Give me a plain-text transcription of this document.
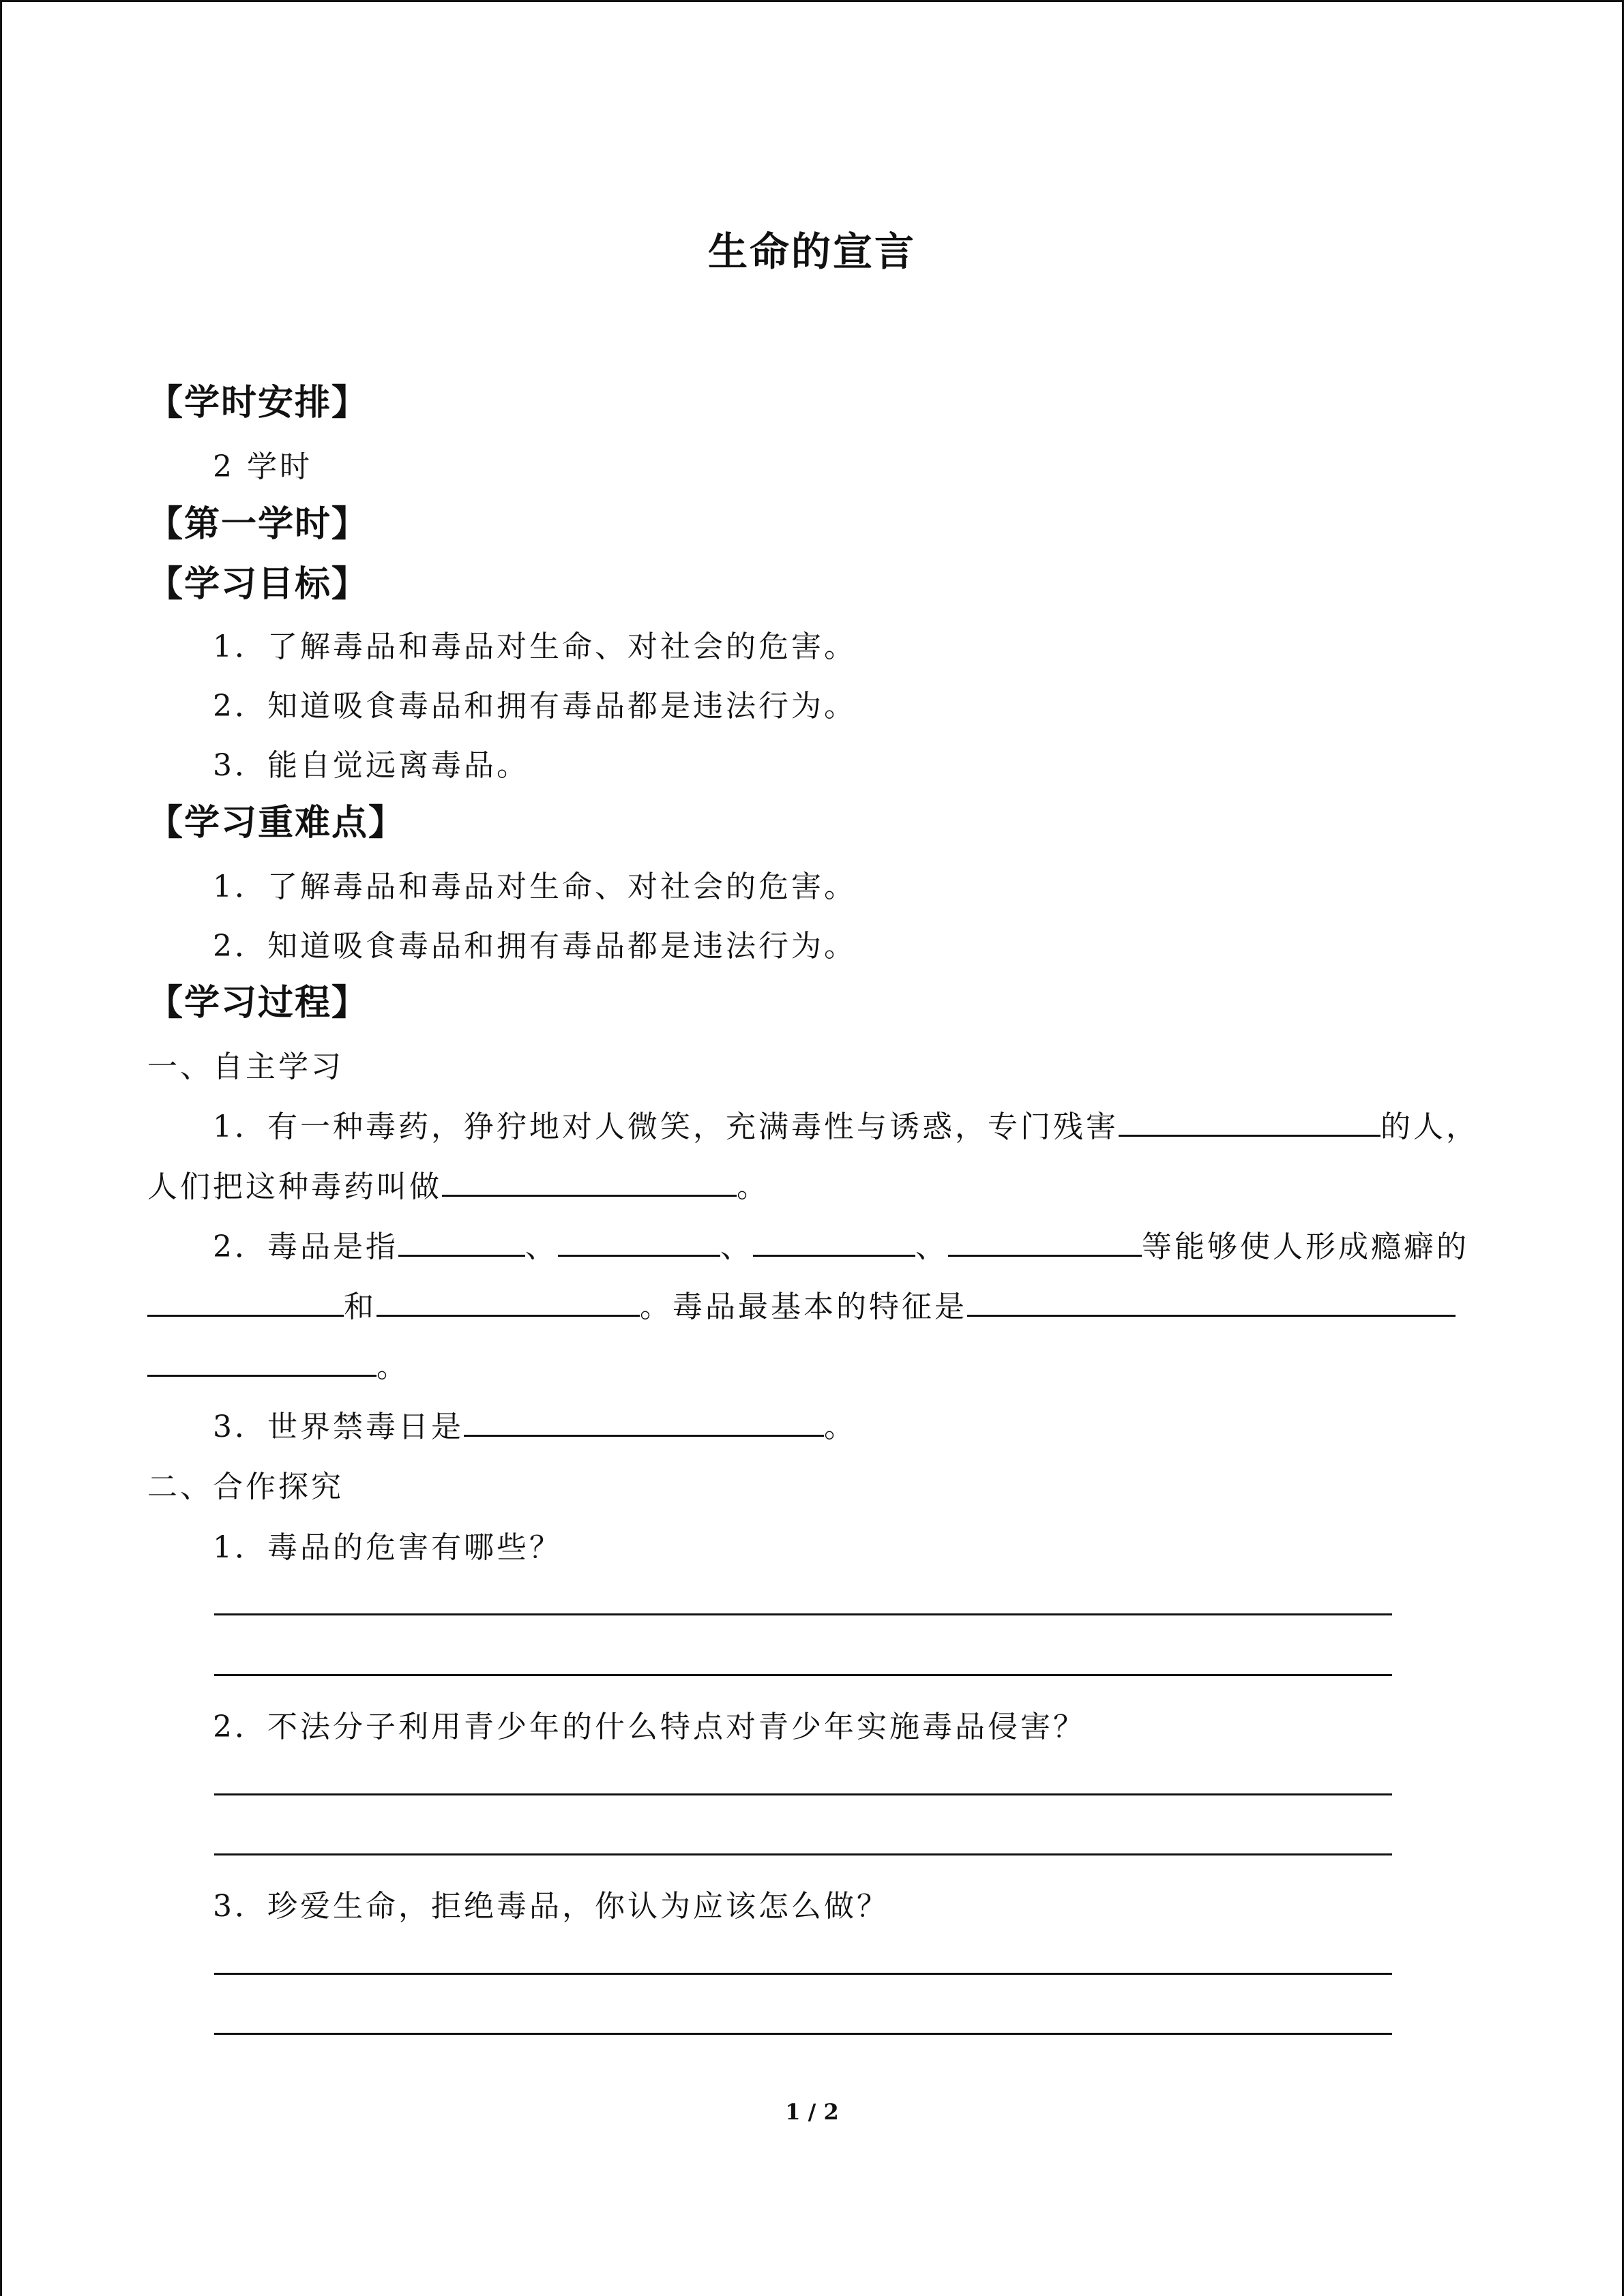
生命的宣言
【学时安排】
2 学时
【第一学时】
【学习目标】
1．了解毒品和毒品对生命、对社会的危害。
2．知道吸食毒品和拥有毒品都是违法行为。
3．能自觉远离毒品。
【学习重难点】
1．了解毒品和毒品对生命、对社会的危害。
2．知道吸食毒品和拥有毒品都是违法行为。
【学习过程】
一、自主学习
1．有一种毒药，狰狞地对人微笑，充满毒性与诱惑，专门残害	的人，
人们把这种毒药叫做	。
2．毒品是指	、	、	、	等能够使人形成瘾癖的
和	。毒品最基本的特征是
。
3．世界禁毒日是	。
二、合作探究
1．毒品的危害有哪些？
2．不法分子利用青少年的什么特点对青少年实施毒品侵害？
3．珍爱生命，拒绝毒品，你认为应该怎么做？
1 / 2
